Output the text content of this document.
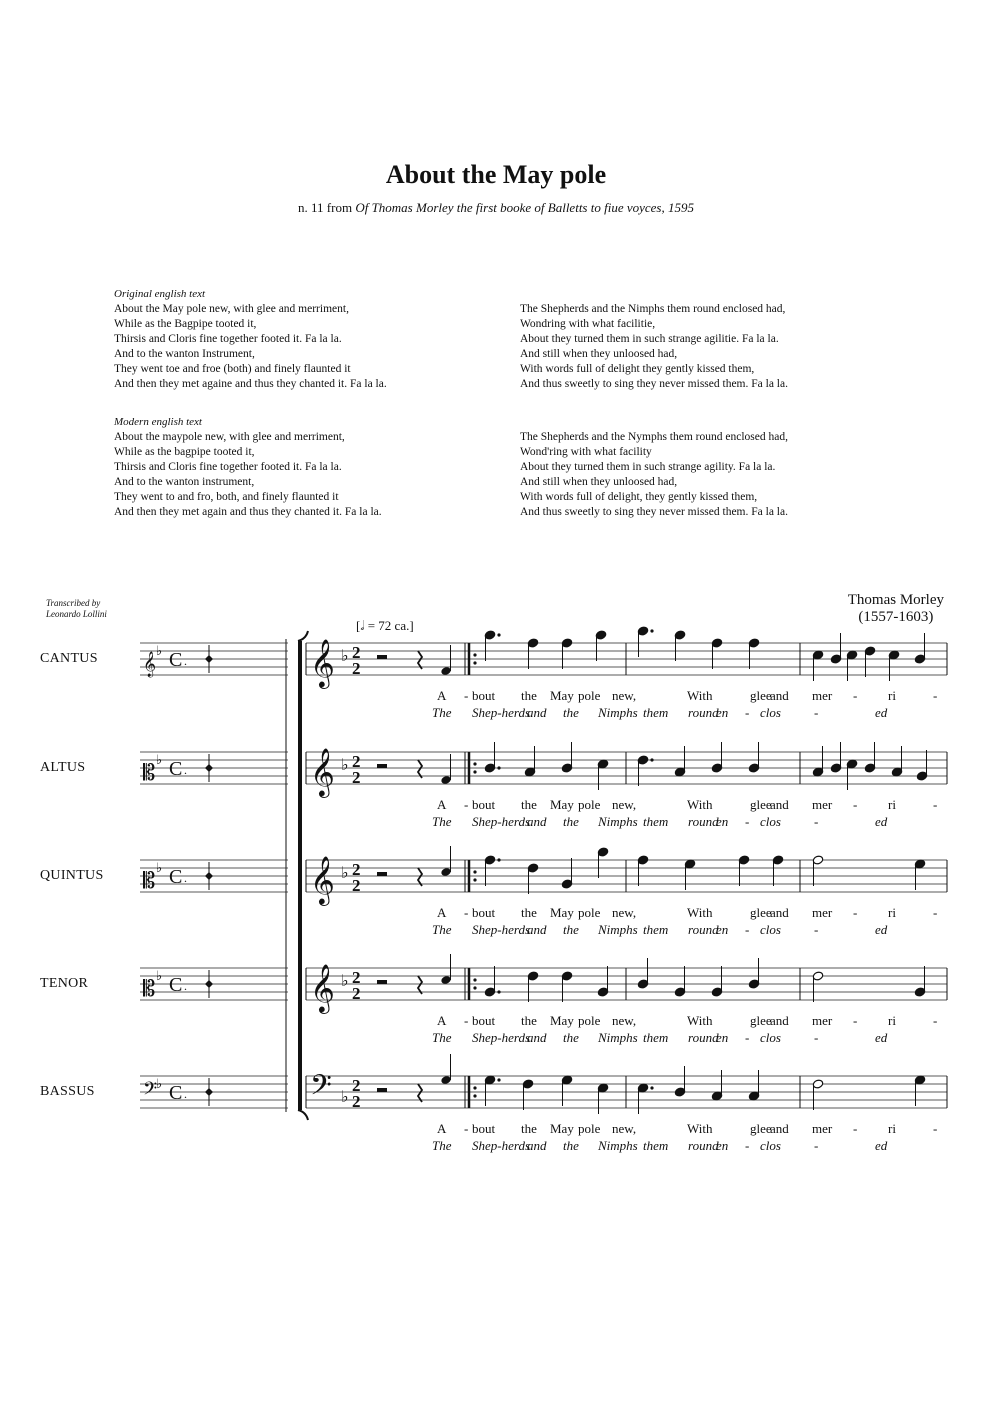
About the May pole
n. 11 from Of Thomas Morley the first booke of Balletts to fiue voyces, 1595
Original english text
About the May pole new, with glee and merriment,
While as the Bagpipe tooted it,
Thirsis and Cloris fine together footed it. Fa la la.
And to the wanton Instrument,
They went toe and froe (both) and finely flaunted it
And then they met againe and thus they chanted it. Fa la la.
The Shepherds and the Nimphs them round enclosed had,
Wondring with what facilitie,
About they turned them in such strange agilitie. Fa la la.
And still when they unloosed had,
With words full of delight they gently kissed them,
And thus sweetly to sing they never missed them. Fa la la.
Modern english text
About the maypole new, with glee and merriment,
While as the bagpipe tooted it,
Thirsis and Cloris fine together footed it. Fa la la.
And to the wanton instrument,
They went to and fro, both, and finely flaunted it
And then they met again and thus they chanted it. Fa la la.
The Shepherds and the Nymphs them round enclosed had,
Wond'ring with what facility
About they turned them in such strange agility. Fa la la.
And still when they unloosed had,
With words full of delight, they gently kissed them,
And thus sweetly to sing they never missed them. Fa la la.
Transcribed by
Leonardo Lollini
Thomas Morley
(1557-1603)
[𝅗𝅥 = 72 ca.]
𝄞
𝄞	♭
♭	2
2
C .
𝄞
𝄡	♭
♭	2
2
C .
𝄞
𝄡	♭
♭	2
2
C .
𝄞
𝄡	♭
♭	2
2
C .
𝄢
𝄢	♭
♭	2
2
C .
CANTUS
A - bout the May pole new,	With	glee
and mer - ri	-
The Shep-herds
and the Nimphs them round
en - clos	-	ed
ALTUS
A - bout the May pole new,	With	glee
and mer - ri	-
The Shep-herds
and the Nimphs them round
en - clos	-	ed
QUINTUS
A - bout the May pole new,	With	glee
and mer - ri	-
The Shep-herds
and the Nimphs them round
en - clos	-	ed
TENOR
A - bout the May pole new,	With	glee
and mer - ri	-
The Shep-herds
and the Nimphs them round
en - clos	-	ed
BASSUS
A - bout the May pole new,	With	glee
and mer - ri	-
The Shep-herds
and the Nimphs them round
en - clos	-	ed
